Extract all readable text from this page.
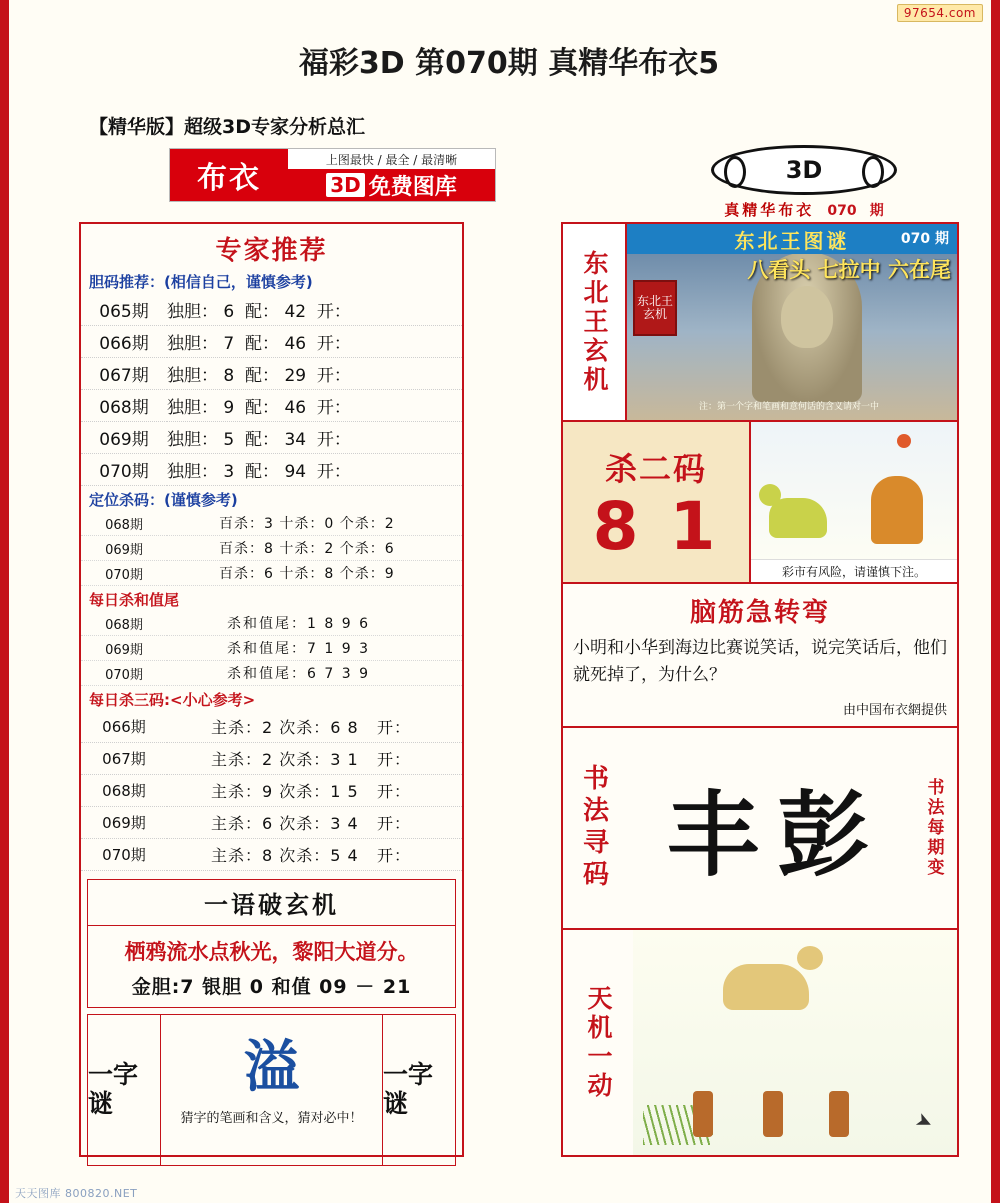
97654.com
天天图库 800820.NET
福彩3D 第070期 真精华布衣5
【精华版】超级3D专家分析总汇
布衣
上图最快 / 最全 / 最清晰
3D 免费图库
3D
真精华布衣 070 期
专家推荐
胆码推荐：(相信自己，谨慎参考)
065期	独胆： 6 配： 42 开：
066期	独胆： 7 配： 46 开：
067期	独胆： 8 配： 29 开：
068期	独胆： 9 配： 46 开：
069期	独胆： 5 配： 34 开：
070期	独胆： 3 配： 94 开：
定位杀码：(谨慎参考)
068期	百杀：3 十杀：0 个杀：2
069期	百杀：8 十杀：2 个杀：6
070期	百杀：6 十杀：8 个杀：9
每日杀和值尾
068期	杀和值尾：1 8 9 6
069期	杀和值尾：7 1 9 3
070期	杀和值尾：6 7 3 9
每日杀三码:<小心参考>
066期	主杀：2 次杀：6 8 开：
067期	主杀：2 次杀：3 1 开：
068期	主杀：9 次杀：1 5 开：
069期	主杀：6 次杀：3 4 开：
070期	主杀：8 次杀：5 4 开：
一语破玄机
栖鸦流水点秋光，黎阳大道分。
金胆:7 银胆 0 和值 09 － 21
一字谜
溢
猜字的笔画和含义，猜对必中！
一字谜
东北王玄机
东北王图谜	070 期
东北王玄机
八看头 七拉中 六在尾
注：第一个字和笔画和意何话的含义请对一中
杀二码
8 1
彩市有风险，请谨慎下注。
脑筋急转弯
小明和小华到海边比赛说笑话，说完笑话后，他们就死掉了，为什么？
由中国布衣網提供
书法寻码 丰 彭	书法每期变
天机一动
➤
